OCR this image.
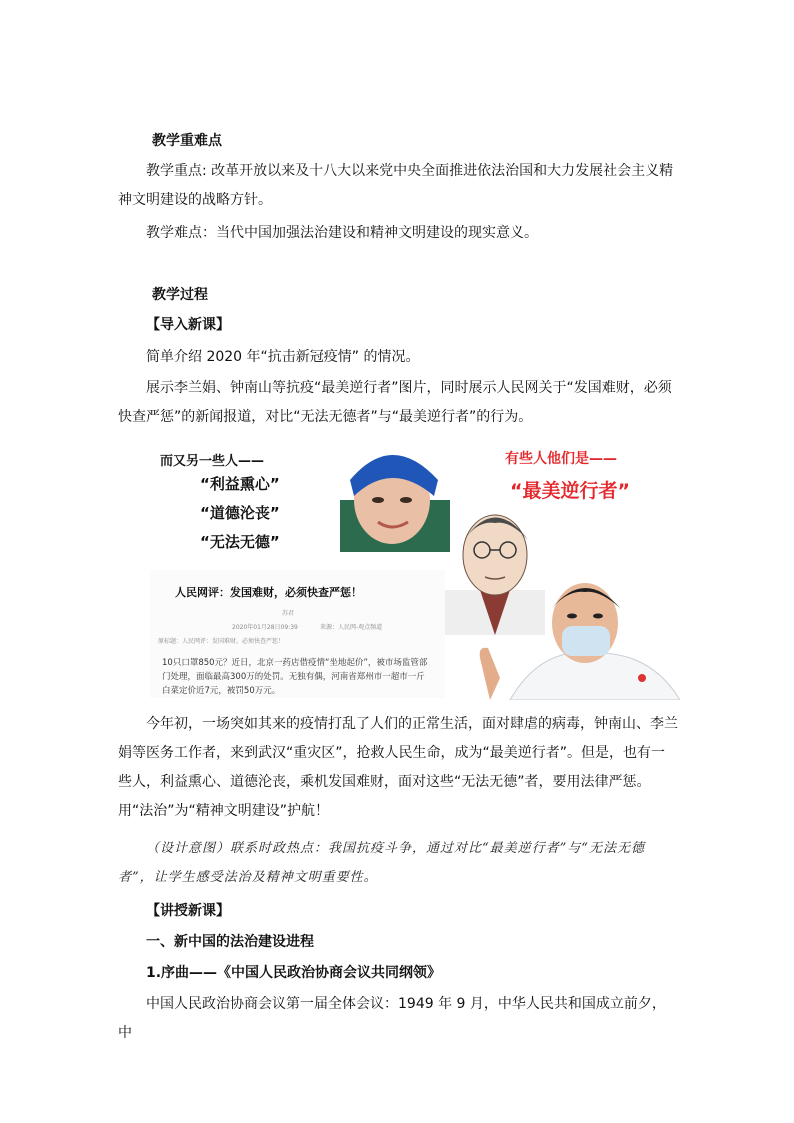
教学重难点

教学重点: 改革开放以来及十八大以来党中央全面推进依法治国和大力发展社会主义精神文明建设的战略方针。

教学难点：当代中国加强法治建设和精神文明建设的现实意义。

教学过程
【导入新课】

简单介绍 2020 年“抗击新冠疫情” 的情况。

展示李兰娟、钟南山等抗疫“最美逆行者”图片，同时展示人民网关于“发国难财，必须快查严惩”的新闻报道，对比“无法无德者”与“最美逆行者”的行为。

而又另一些人——
“利益熏心”
“道德沦丧”
“无法无德”
有些人他们是——
“最美逆行者”
人民网评：发国难财，必须快查严惩！
苏君
2020年01月28日09:39	来源：人民网-观点频道
原标题：人民网评：发国难财，必须快查严惩！
10只口罩850元？近日，北京一药店借疫情“坐地起价”，被市场监管部门处理，面临最高300万的处罚。无独有偶，河南省郑州市一超市一斤白菜定价近7元，被罚50万元。

今年初，一场突如其来的疫情打乱了人们的正常生活，面对肆虐的病毒，钟南山、李兰娟等医务工作者，来到武汉“重灾区”，抢救人民生命，成为“最美逆行者”。但是，也有一些人，利益熏心、道德沦丧，乘机发国难财，面对这些“无法无德”者，要用法律严惩。用“法治”为“精神文明建设”护航！

（设计意图）联系时政热点：我国抗疫斗争，通过对比“最美逆行者”与“无法无德者”，让学生感受法治及精神文明重要性。

【讲授新课】
一、新中国的法治建设进程
1.序曲——《中国人民政治协商会议共同纲领》

中国人民政治协商会议第一届全体会议：1949 年 9 月，中华人民共和国成立前夕，中
